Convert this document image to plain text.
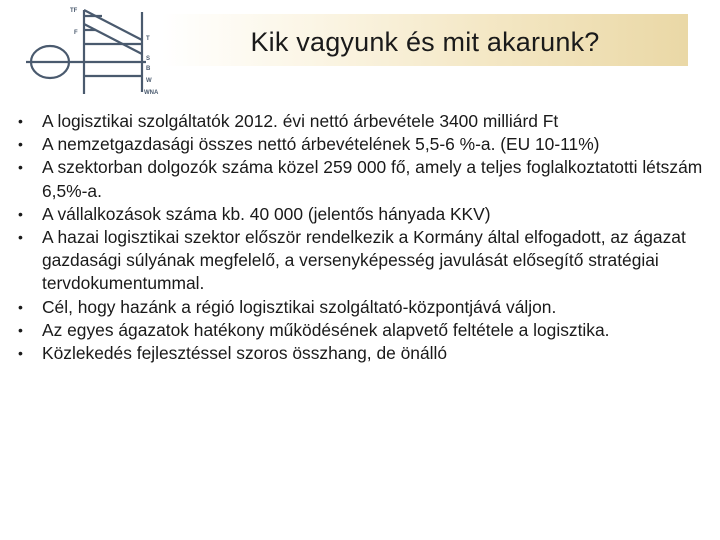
TF
F
T
S
B
W
WNA
Kik vagyunk és mit akarunk?
• A logisztikai szolgáltatók 2012. évi nettó árbevétele 3400 milliárd Ft
• A nemzetgazdasági összes nettó árbevételének 5,5-6 %-a. (EU 10-11%)
• A szektorban dolgozók száma közel 259 000 fő, amely a teljes foglalkoztatotti létszám 6,5%-a.
• A vállalkozások száma kb. 40 000 (jelentős hányada KKV)
• A hazai logisztikai szektor először rendelkezik a Kormány által elfogadott, az ágazat gazdasági súlyának megfelelő, a versenyképesség javulását elősegítő stratégiai tervdokumentummal.
• Cél, hogy hazánk a régió logisztikai szolgáltató-központjává váljon.
• Az egyes ágazatok hatékony működésének alapvető feltétele a logisztika.
• Közlekedés fejlesztéssel szoros összhang, de önálló
